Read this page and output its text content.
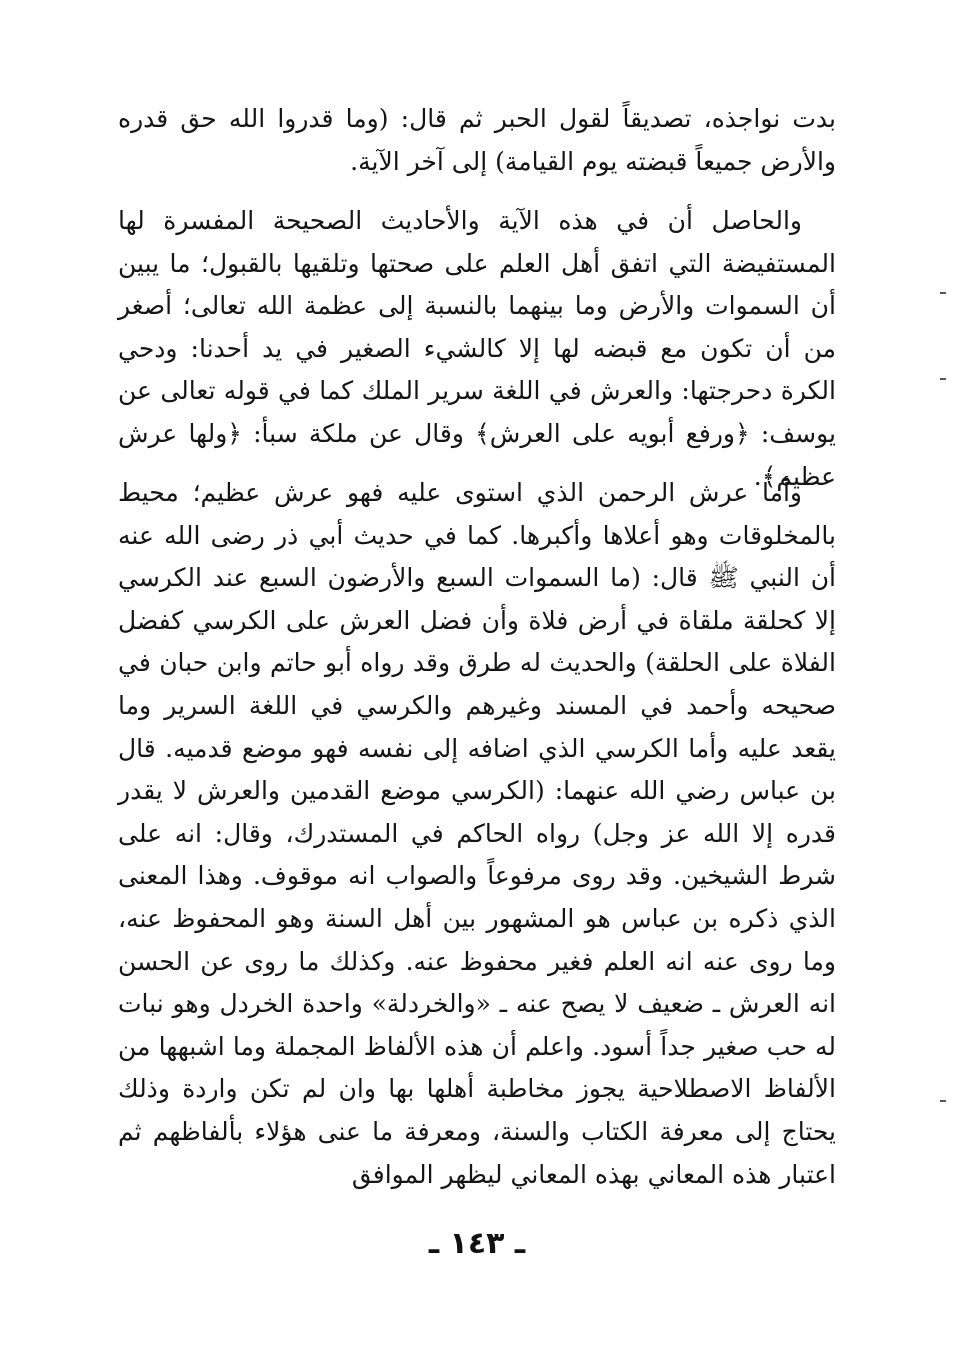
بدت نواجذه، تصديقاً لقول الحبر ثم قال: (وما قدروا الله حق قدره والأرض جميعاً قبضته يوم القيامة) إلى آخر الآية.

والحاصل أن في هذه الآية والأحاديث الصحيحة المفسرة لها المستفيضة التي اتفق أهل العلم على صحتها وتلقيها بالقبول؛ ما يبين أن السموات والأرض وما بينهما بالنسبة إلى عظمة الله تعالى؛ أصغر من أن تكون مع قبضه لها إلا كالشيء الصغير في يد أحدنا: ودحي الكرة دحرجتها: والعرش في اللغة سرير الملك كما في قوله تعالى عن يوسف: ﴿ورفع أبويه على العرش﴾ وقال عن ملكة سبأ: ﴿ولها عرش عظيم﴾.

وأما عرش الرحمن الذي استوى عليه فهو عرش عظيم؛ محيط بالمخلوقات وهو أعلاها وأكبرها. كما في حديث أبي ذر رضى الله عنه أن النبي ﷺ قال: (ما السموات السبع والأرضون السبع عند الكرسي إلا كحلقة ملقاة في أرض فلاة وأن فضل العرش على الكرسي كفضل الفلاة على الحلقة) والحديث له طرق وقد رواه أبو حاتم وابن حبان في صحيحه وأحمد في المسند وغيرهم والكرسي في اللغة السرير وما يقعد عليه وأما الكرسي الذي اضافه إلى نفسه فهو موضع قدميه. قال بن عباس رضي الله عنهما: (الكرسي موضع القدمين والعرش لا يقدر قدره إلا الله عز وجل) رواه الحاكم في المستدرك، وقال: انه على شرط الشيخين. وقد روى مرفوعاً والصواب انه موقوف. وهذا المعنى الذي ذكره بن عباس هو المشهور بين أهل السنة وهو المحفوظ عنه، وما روى عنه انه العلم فغير محفوظ عنه. وكذلك ما روى عن الحسن انه العرش ـ ضعيف لا يصح عنه ـ «والخردلة» واحدة الخردل وهو نبات له حب صغير جداً أسود. واعلم أن هذه الألفاظ المجملة وما اشبهها من الألفاظ الاصطلاحية يجوز مخاطبة أهلها بها وان لم تكن واردة وذلك يحتاج إلى معرفة الكتاب والسنة، ومعرفة ما عنى هؤلاء بألفاظهم ثم اعتبار هذه المعاني بهذه المعاني ليظهر الموافق

ـ ١٤٣ ـ
